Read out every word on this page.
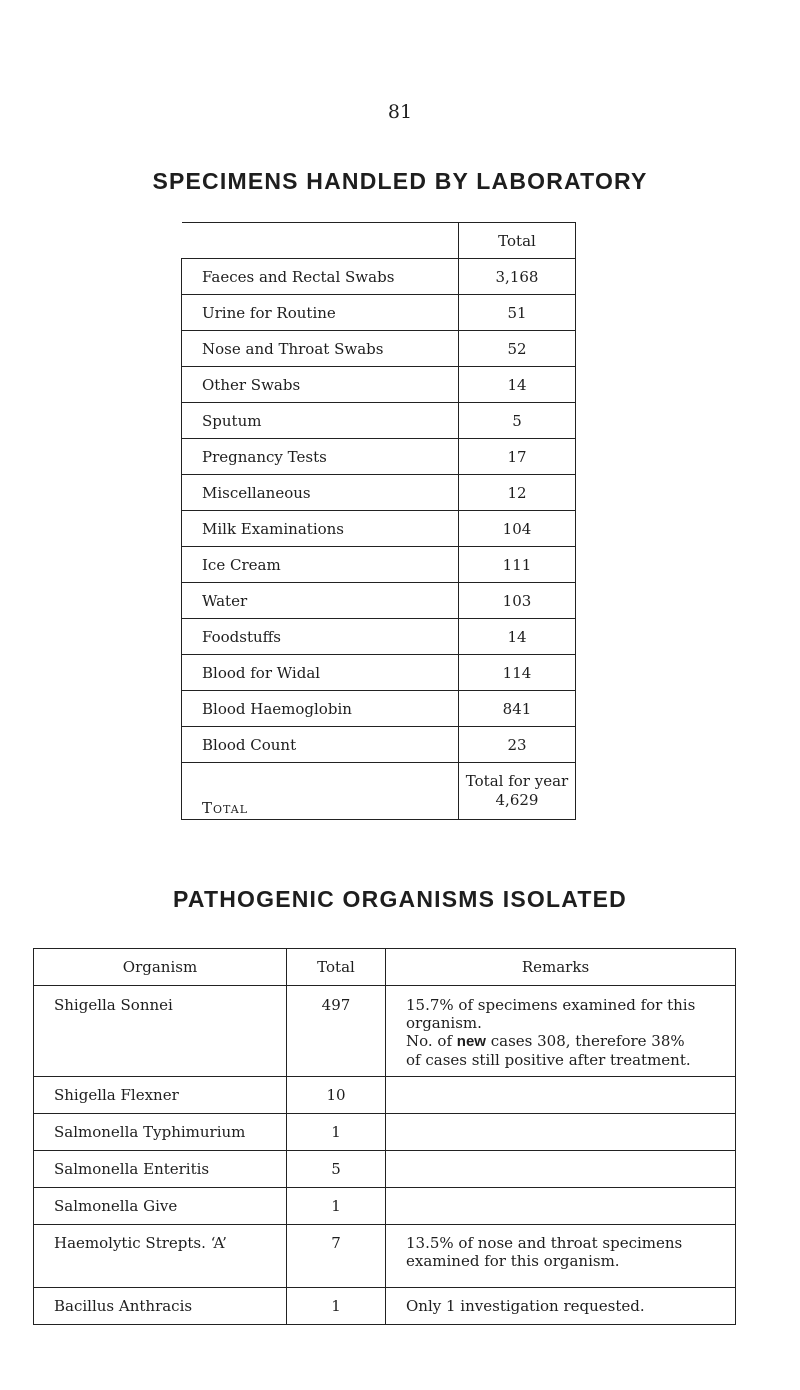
81
SPECIMENS HANDLED BY LABORATORY
	Total
Faeces and Rectal Swabs	3,168
Urine for Routine	51
Nose and Throat Swabs	52
Other Swabs	14
Sputum	5
Pregnancy Tests	17
Miscellaneous	12
Milk Examinations	104
Ice Cream	111
Water	103
Foodstuffs	14
Blood for Widal	114
Blood Haemoglobin	841
Blood Count	23
Total	Total for year
4,629
PATHOGENIC ORGANISMS ISOLATED
Organism	Total	Remarks
Shigella Sonnei	497	15.7% of specimens examined for this
organism.
No. of new cases 308, therefore 38%
of cases still positive after treatment.

Shigella Flexner	10	
Salmonella Typhimurium	1	
Salmonella Enteritis	5	
Salmonella Give	1	
Haemolytic Strepts. ‘A’	7	13.5% of nose and throat specimens
examined for this organism.

Bacillus Anthracis	1	Only 1 investigation requested.
